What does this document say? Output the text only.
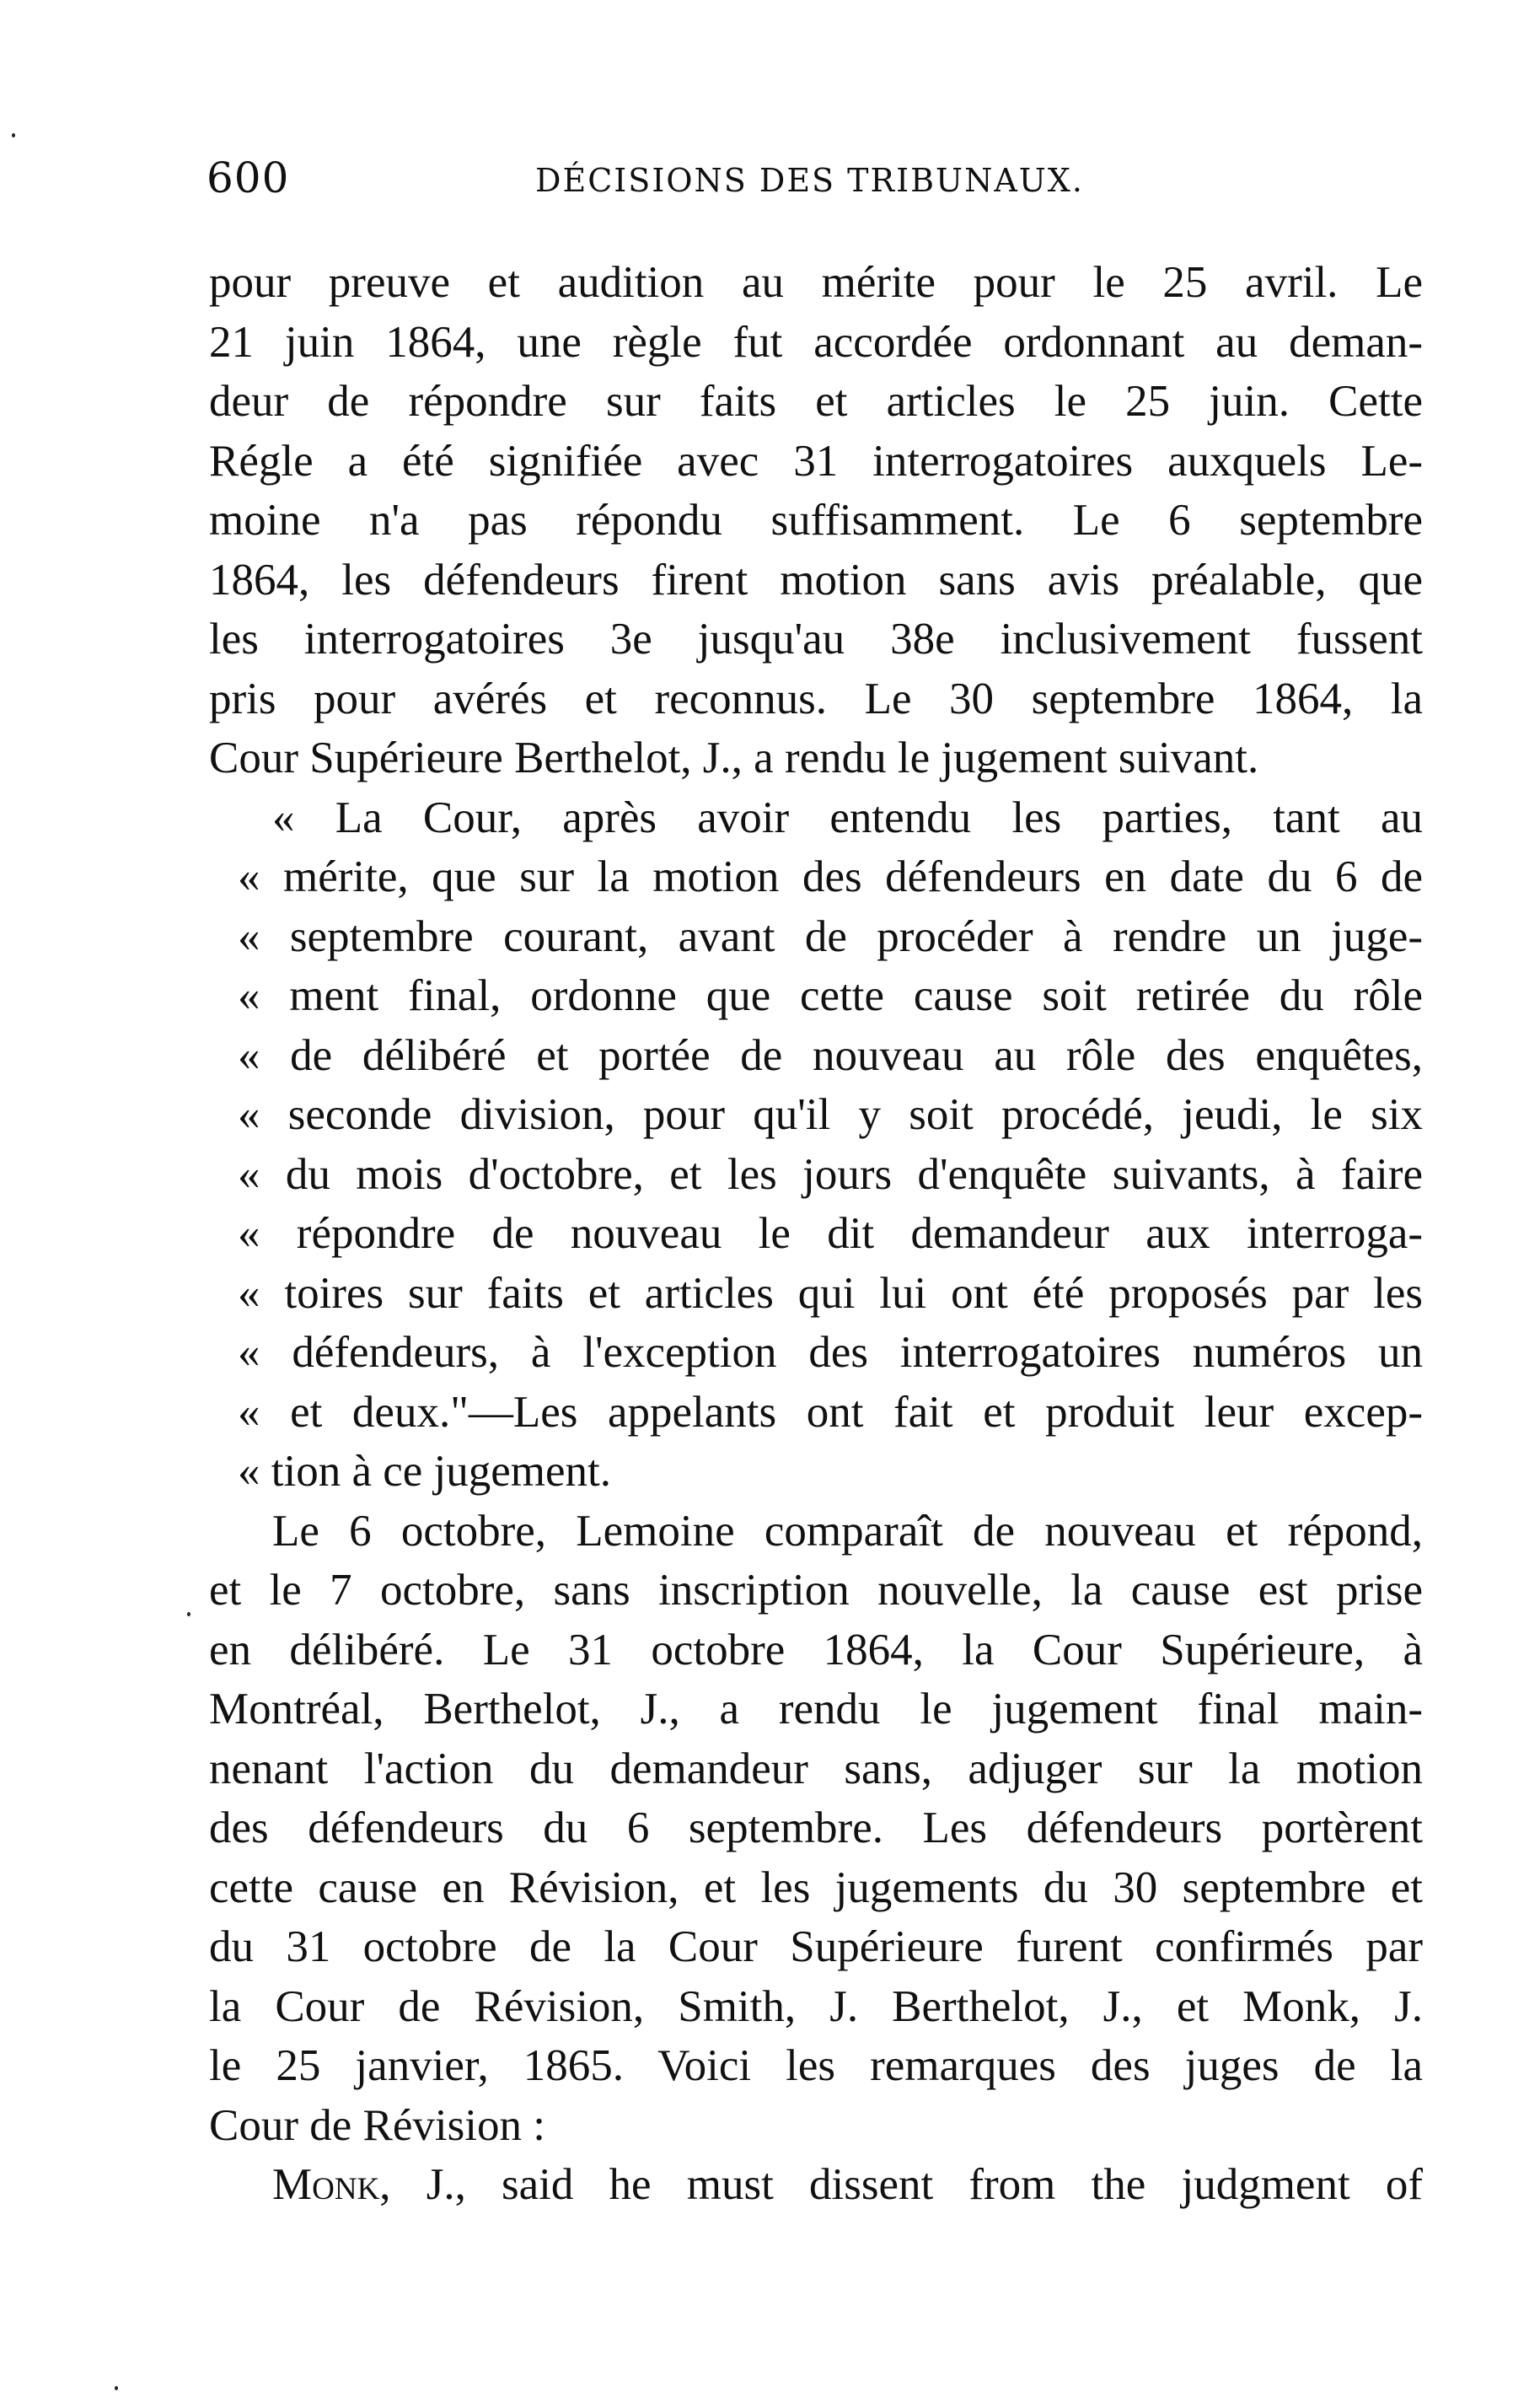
600	DÉCISIONS DES TRIBUNAUX.
pour preuve et audition au mérite pour le 25 avril. Le
21 juin 1864, une règle fut accordée ordonnant au deman-
deur de répondre sur faits et articles le 25 juin. Cette
Régle a été signifiée avec 31 interrogatoires auxquels Le-
moine n'a pas répondu suffisamment. Le 6 septembre
1864, les défendeurs firent motion sans avis préalable, que
les interrogatoires 3e jusqu'au 38e inclusivement fussent
pris pour avérés et reconnus. Le 30 septembre 1864, la
Cour Supérieure Berthelot, J., a rendu le jugement suivant.
« La Cour, après avoir entendu les parties, tant au
« mérite, que sur la motion des défendeurs en date du 6 de
« septembre courant, avant de procéder à rendre un juge-
« ment final, ordonne que cette cause soit retirée du rôle
« de délibéré et portée de nouveau au rôle des enquêtes,
« seconde division, pour qu'il y soit procédé, jeudi, le six
« du mois d'octobre, et les jours d'enquête suivants, à faire
« répondre de nouveau le dit demandeur aux interroga-
« toires sur faits et articles qui lui ont été proposés par les
« défendeurs, à l'exception des interrogatoires numéros un
« et deux."—Les appelants ont fait et produit leur excep-
« tion à ce jugement.
Le 6 octobre, Lemoine comparaît de nouveau et répond,
et le 7 octobre, sans inscription nouvelle, la cause est prise
en délibéré. Le 31 octobre 1864, la Cour Supérieure, à
Montréal, Berthelot, J., a rendu le jugement final main-
nenant l'action du demandeur sans, adjuger sur la motion
des défendeurs du 6 septembre. Les défendeurs portèrent
cette cause en Révision, et les jugements du 30 septembre et
du 31 octobre de la Cour Supérieure furent confirmés par
la Cour de Révision, Smith, J. Berthelot, J., et Monk, J.
le 25 janvier, 1865. Voici les remarques des juges de la
Cour de Révision :
Monk, J., said he must dissent from the judgment of
